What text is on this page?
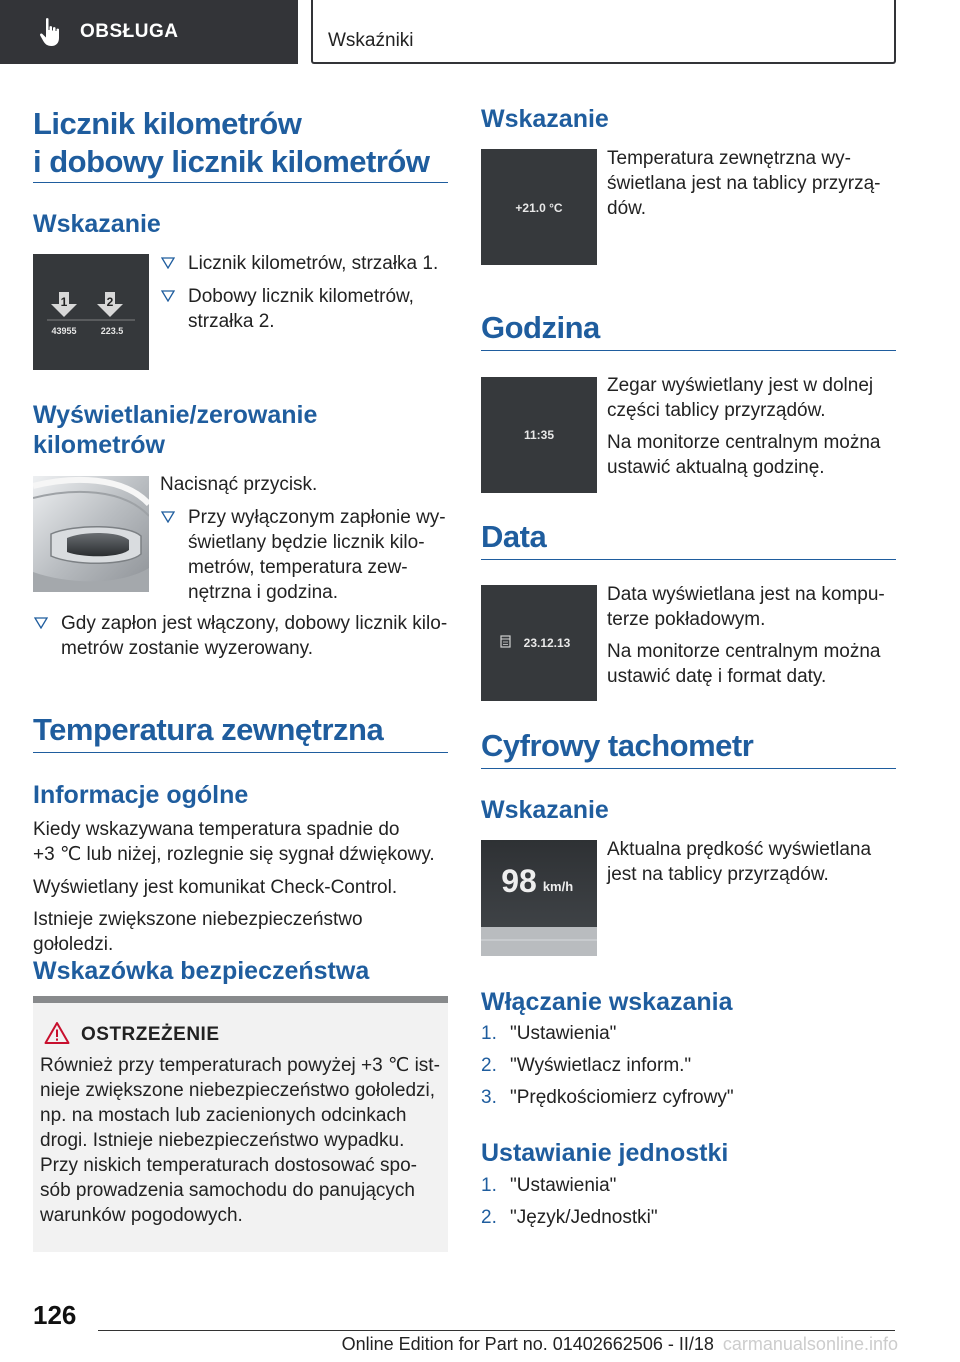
OBSŁUGA	Wskaźniki
Licznik kilometrów
i dobowy licznik kilometrów
Wskazanie
1	2
43955	223.5
Licznik kilometrów, strzałka 1.
Dobowy licznik kilometrów, strzałka 2.
Wyświetlanie/zerowanie
kilometrów
Nacisnąć przycisk.
Przy wyłączonym zapłonie wy-
świetlany będzie licznik kilo-
metrów, temperatura zew-
nętrzna i godzina.
Gdy zapłon jest włączony, dobowy licznik kilo-
metrów zostanie wyzerowany.
Temperatura zewnętrzna
Informacje ogólne
Kiedy wskazywana temperatura spadnie do
+3 ℃ lub niżej, rozlegnie się sygnał dźwiękowy.
Wyświetlany jest komunikat Check-Control.
Istnieje zwiększone niebezpieczeństwo gołoledzi.
Wskazówka bezpieczeństwa
OSTRZEŻENIE
Również przy temperaturach powyżej +3 ℃ ist-
nieje zwiększone niebezpieczeństwo gołoledzi,
np. na mostach lub zacienionych odcinkach
drogi. Istnieje niebezpieczeństwo wypadku.
Przy niskich temperaturach dostosować spo-
sób prowadzenia samochodu do panujących
warunków pogodowych.
Wskazanie
+21.0 °C
Temperatura zewnętrzna wy-
świetlana jest na tablicy przyrzą-
dów.
Godzina
11:35
Zegar wyświetlany jest w dolnej
części tablicy przyrządów.
Na monitorze centralnym można
ustawić aktualną godzinę.
Data
23.12.13
Data wyświetlana jest na kompu-
terze pokładowym.
Na monitorze centralnym można
ustawić datę i format daty.
Cyfrowy tachometr
Wskazanie
98 km/h
Aktualna prędkość wyświetlana
jest na tablicy przyrządów.
Włączanie wskazania
1. "Ustawienia"
2. "Wyświetlacz inform."
3. "Prędkościomierz cyfrowy"
Ustawianie jednostki
1. "Ustawienia"
2. "Język/Jednostki"
126
Online Edition for Part no. 01402662506 - II/18 carmanualsonline.info
